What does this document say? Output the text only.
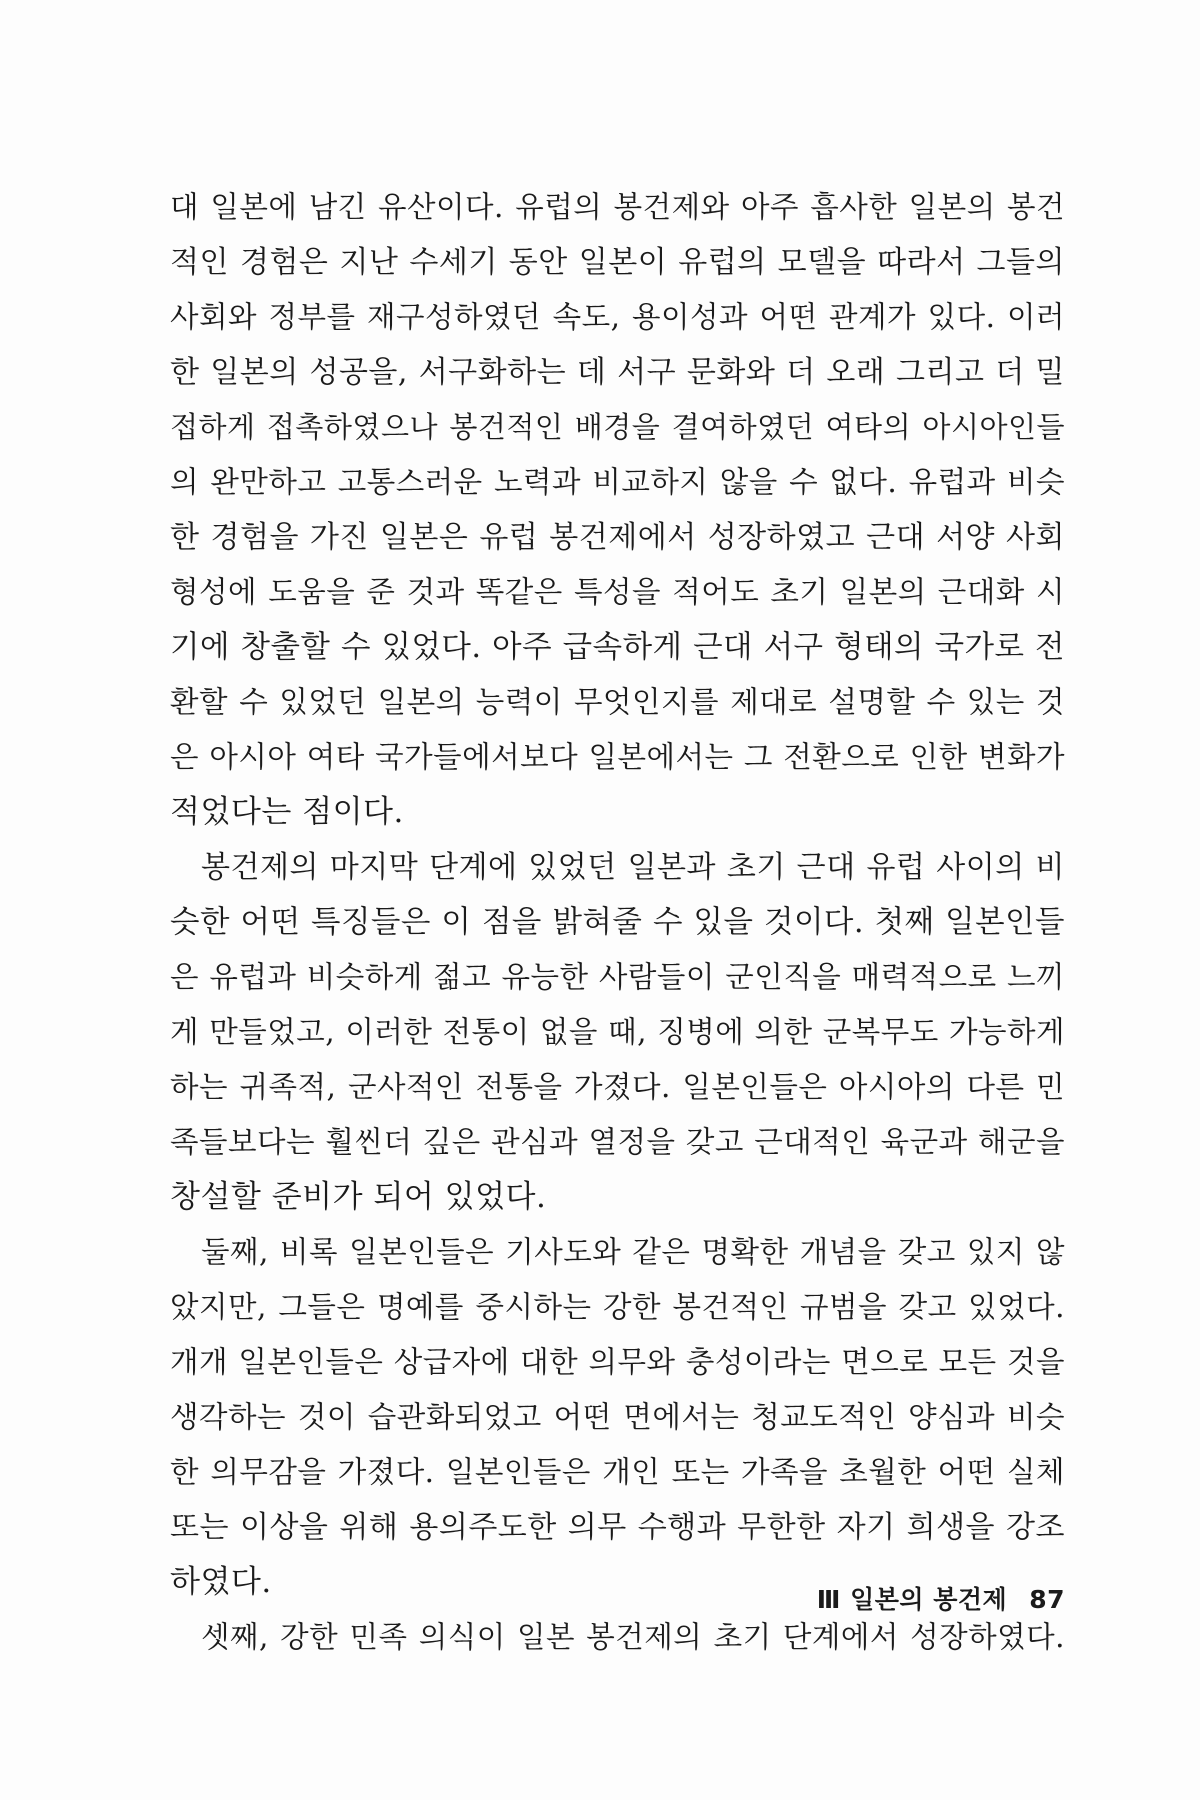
대 일본에 남긴 유산이다. 유럽의 봉건제와 아주 흡사한 일본의 봉건
적인 경험은 지난 수세기 동안 일본이 유럽의 모델을 따라서 그들의
사회와 정부를 재구성하였던 속도, 용이성과 어떤 관계가 있다. 이러
한 일본의 성공을, 서구화하는 데 서구 문화와 더 오래 그리고 더 밀
접하게 접촉하였으나 봉건적인 배경을 결여하였던 여타의 아시아인들
의 완만하고 고통스러운 노력과 비교하지 않을 수 없다. 유럽과 비슷
한 경험을 가진 일본은 유럽 봉건제에서 성장하였고 근대 서양 사회
형성에 도움을 준 것과 똑같은 특성을 적어도 초기 일본의 근대화 시
기에 창출할 수 있었다. 아주 급속하게 근대 서구 형태의 국가로 전
환할 수 있었던 일본의 능력이 무엇인지를 제대로 설명할 수 있는 것
은 아시아 여타 국가들에서보다 일본에서는 그 전환으로 인한 변화가
적었다는 점이다.
봉건제의 마지막 단계에 있었던 일본과 초기 근대 유럽 사이의 비
슷한 어떤 특징들은 이 점을 밝혀줄 수 있을 것이다. 첫째 일본인들
은 유럽과 비슷하게 젊고 유능한 사람들이 군인직을 매력적으로 느끼
게 만들었고, 이러한 전통이 없을 때, 징병에 의한 군복무도 가능하게
하는 귀족적, 군사적인 전통을 가졌다. 일본인들은 아시아의 다른 민
족들보다는 훨씬더 깊은 관심과 열정을 갖고 근대적인 육군과 해군을
창설할 준비가 되어 있었다.
둘째, 비록 일본인들은 기사도와 같은 명확한 개념을 갖고 있지 않
았지만, 그들은 명예를 중시하는 강한 봉건적인 규범을 갖고 있었다.
개개 일본인들은 상급자에 대한 의무와 충성이라는 면으로 모든 것을
생각하는 것이 습관화되었고 어떤 면에서는 청교도적인 양심과 비슷
한 의무감을 가졌다. 일본인들은 개인 또는 가족을 초월한 어떤 실체
또는 이상을 위해 용의주도한 의무 수행과 무한한 자기 희생을 강조
하였다.
셋째, 강한 민족 의식이 일본 봉건제의 초기 단계에서 성장하였다.
Ⅲ 일본의 봉건제 87
